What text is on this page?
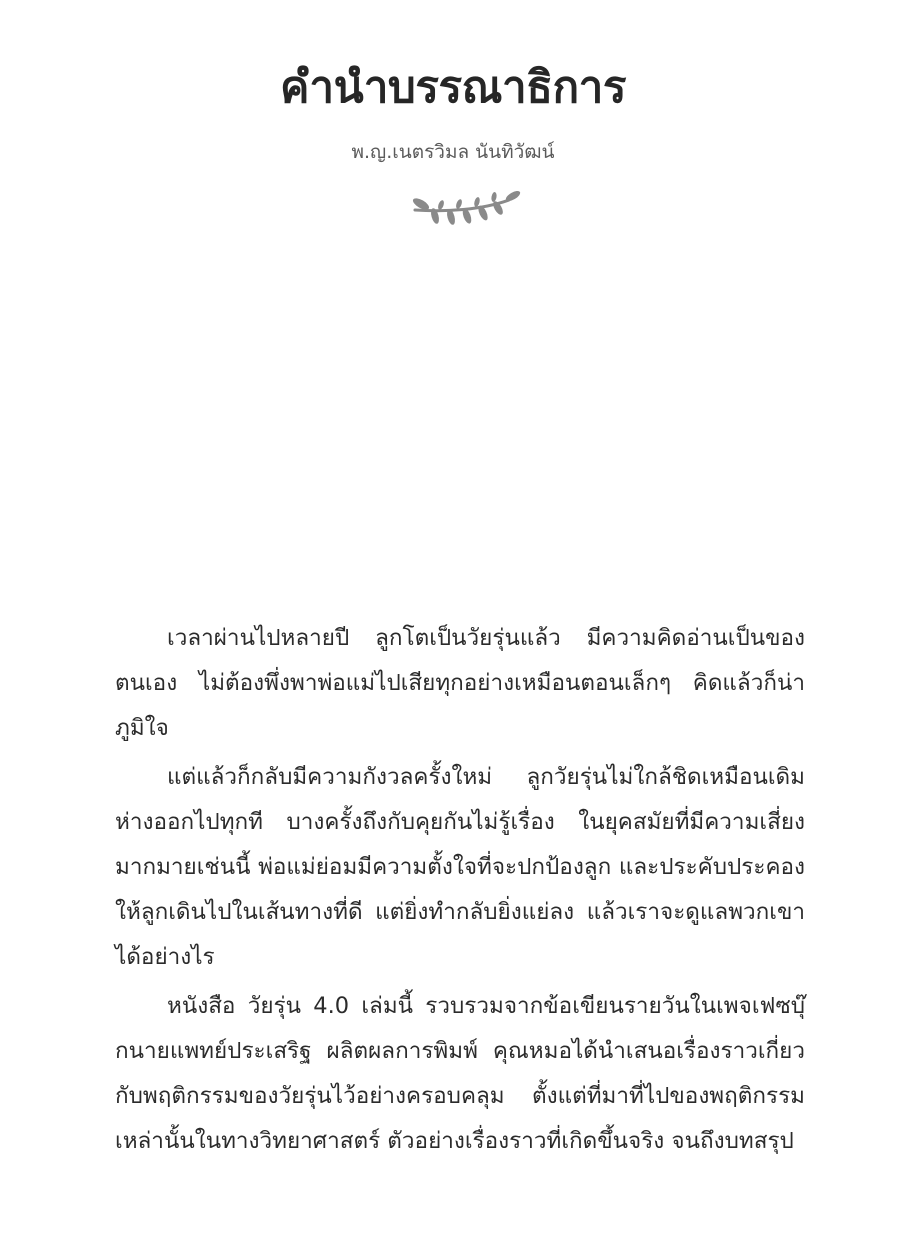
คำนำบรรณาธิการ
พ.ญ.เนตรวิมล นันทิวัฒน์

เวลาผ่านไปหลายปี ลูกโตเป็นวัยรุ่นแล้ว มีความคิดอ่านเป็นของตนเอง ไม่ต้องพึ่งพาพ่อแม่ไปเสียทุกอย่างเหมือนตอนเล็กๆ คิดแล้วก็น่าภูมิใจ

แต่แล้วก็กลับมีความกังวลครั้งใหม่ ลูกวัยรุ่นไม่ใกล้ชิดเหมือนเดิม ห่างออกไปทุกที บางครั้งถึงกับคุยกันไม่รู้เรื่อง ในยุคสมัยที่มีความเสี่ยงมากมายเช่นนี้ พ่อแม่ย่อมมีความตั้งใจที่จะปกป้องลูก และประคับประคองให้ลูกเดินไปในเส้นทางที่ดี แต่ยิ่งทำกลับยิ่งแย่ลง แล้วเราจะดูแลพวกเขาได้อย่างไร

หนังสือ วัยรุ่น 4.0 เล่มนี้ รวบรวมจากข้อเขียนรายวันในเพจเฟซบุ๊กนายแพทย์ประเสริฐ ผลิตผลการพิมพ์ คุณหมอได้นำเสนอเรื่องราวเกี่ยวกับพฤติกรรมของวัยรุ่นไว้อย่างครอบคลุม ตั้งแต่ที่มาที่ไปของพฤติกรรมเหล่านั้นในทางวิทยาศาสตร์ ตัวอย่างเรื่องราวที่เกิดขึ้นจริง จนถึงบทสรุป
